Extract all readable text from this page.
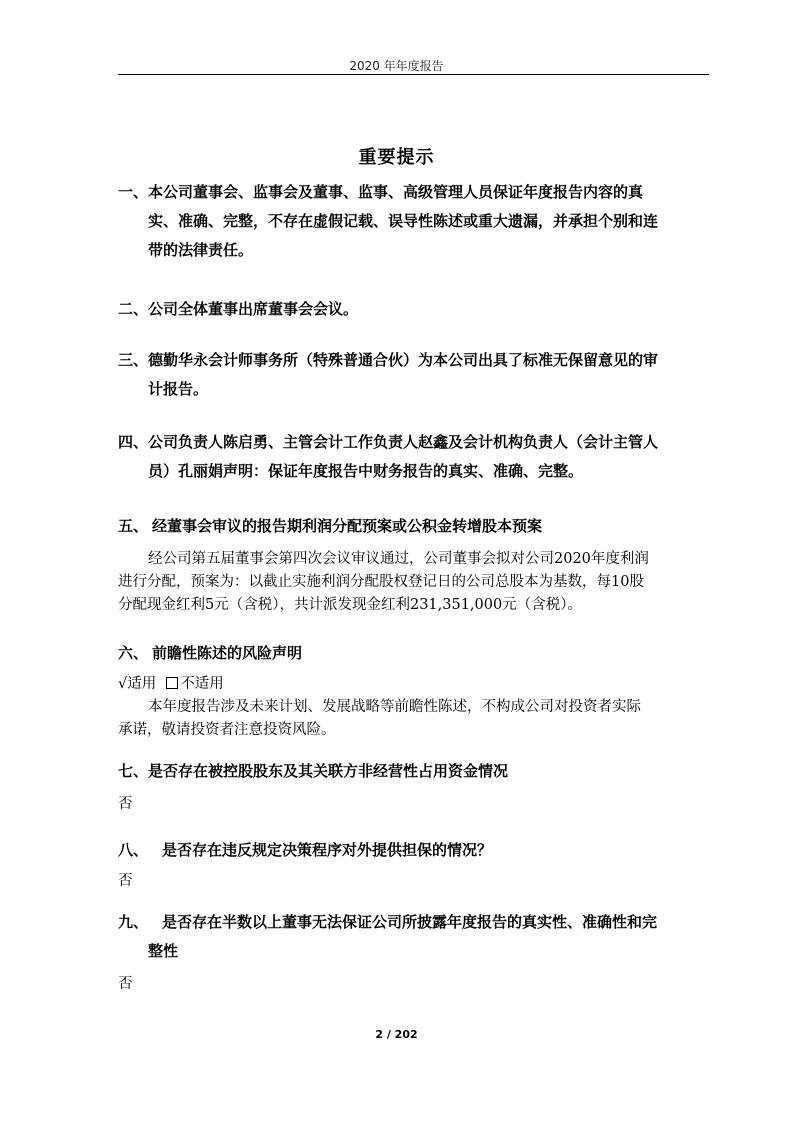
2020 年年度报告
重要提示
一、本公司董事会、监事会及董事、监事、高级管理人员保证年度报告内容的真
实、准确、完整，不存在虚假记载、误导性陈述或重大遗漏，并承担个别和连
带的法律责任。
二、公司全体董事出席董事会会议。
三、德勤华永会计师事务所（特殊普通合伙）为本公司出具了标准无保留意见的审
计报告。
四、公司负责人陈启勇、主管会计工作负责人赵鑫及会计机构负责人（会计主管人
员）孔丽娟声明：保证年度报告中财务报告的真实、准确、完整。
五、 经董事会审议的报告期利润分配预案或公积金转增股本预案
经公司第五届董事会第四次会议审议通过，公司董事会拟对公司2020年度利润
进行分配，预案为：以截止实施利润分配股权登记日的公司总股本为基数，每10股
分配现金红利5元（含税），共计派发现金红利231,351,000元（含税）。
六、 前瞻性陈述的风险声明
√适用 不适用
本年度报告涉及未来计划、发展战略等前瞻性陈述，不构成公司对投资者实际
承诺，敬请投资者注意投资风险。
七、是否存在被控股股东及其关联方非经营性占用资金情况
否
八、 是否存在违反规定决策程序对外提供担保的情况？
否
九、 是否存在半数以上董事无法保证公司所披露年度报告的真实性、准确性和完
整性
否
2 / 202
